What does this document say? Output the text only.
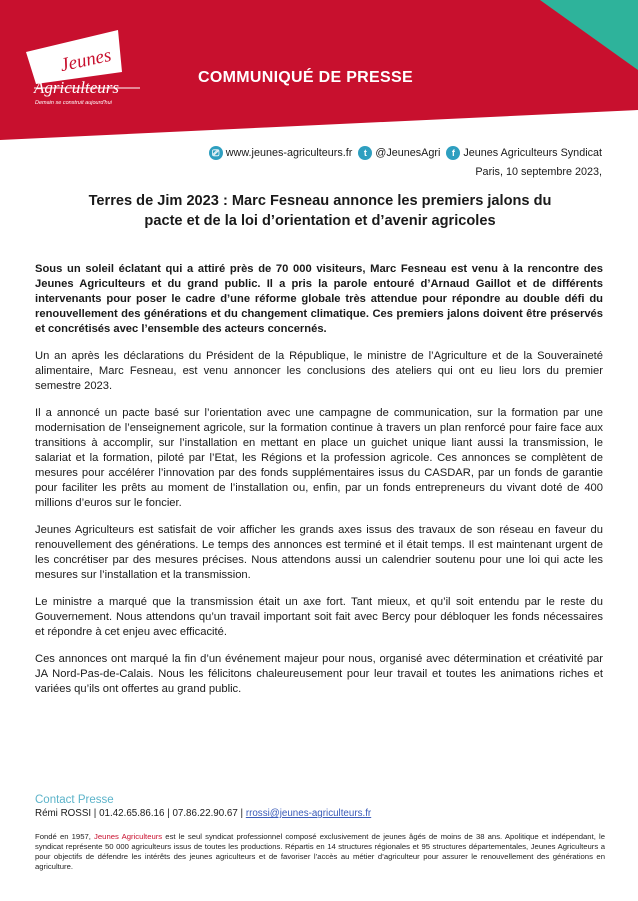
Jeunes
Agriculteurs
Demain se construit aujourd'hui
COMMUNIQUÉ DE PRESSE
⎚ www.jeunes-agriculteurs.fr	t @JeunesAgri	f Jeunes Agriculteurs Syndicat
Paris, 10 septembre 2023,
Terres de Jim 2023 : Marc Fesneau annonce les premiers jalons du
pacte et de la loi d’orientation et d’avenir agricoles

Sous un soleil éclatant qui a attiré près de 70 000 visiteurs, Marc Fesneau est venu à la rencontre des Jeunes Agriculteurs et du grand public. Il a pris la parole entouré d’Arnaud Gaillot et de différents intervenants pour poser le cadre d’une réforme globale très attendue pour répondre au double défi du renouvellement des générations et du changement climatique. Ces premiers jalons doivent être préservés et concrétisés avec l’ensemble des acteurs concernés.

Un an après les déclarations du Président de la République, le ministre de l’Agriculture et de la Souveraineté alimentaire, Marc Fesneau, est venu annoncer les conclusions des ateliers qui ont eu lieu lors du premier semestre 2023.

Il a annoncé un pacte basé sur l’orientation avec une campagne de communication, sur la formation par une modernisation de l’enseignement agricole, sur la formation continue à travers un plan renforcé pour faire face aux transitions à accomplir, sur l’installation en mettant en place un guichet unique liant aussi la transmission, le salariat et la formation, piloté par l’Etat, les Régions et la profession agricole. Ces annonces se complètent de mesures pour accélérer l’innovation par des fonds supplémentaires issus du CASDAR, par un fonds de garantie pour faciliter les prêts au moment de l’installation ou, enfin, par un fonds entrepreneurs du vivant doté de 400 millions d’euros sur le foncier.

Jeunes Agriculteurs est satisfait de voir afficher les grands axes issus des travaux de son réseau en faveur du renouvellement des générations. Le temps des annonces est terminé et il était temps. Il est maintenant urgent de les concrétiser par des mesures précises. Nous attendons aussi un calendrier soutenu pour une loi qui acte les mesures sur l’installation et la transmission.

Le ministre a marqué que la transmission était un axe fort. Tant mieux, et qu’il soit entendu par le reste du Gouvernement. Nous attendons qu’un travail important soit fait avec Bercy pour débloquer les fonds nécessaires et répondre à cet enjeu avec efficacité.

Ces annonces ont marqué la fin d’un événement majeur pour nous, organisé avec détermination et créativité par JA Nord-Pas-de-Calais. Nous les félicitons chaleureusement pour leur travail et toutes les animations riches et variées qu’ils ont offertes au grand public.

Contact Presse
Rémi ROSSI | 01.42.65.86.16 | 07.86.22.90.67 | rrossi@jeunes-agriculteurs.fr
Fondé en 1957, Jeunes Agriculteurs est le seul syndicat professionnel composé exclusivement de jeunes âgés de moins de 38 ans. Apolitique et indépendant, le syndicat représente 50 000 agriculteurs issus de toutes les productions. Répartis en 14 structures régionales et 95 structures départementales, Jeunes Agriculteurs a pour objectifs de défendre les intérêts des jeunes agriculteurs et de favoriser l’accès au métier d’agriculteur pour assurer le renouvellement des générations en agriculture.
